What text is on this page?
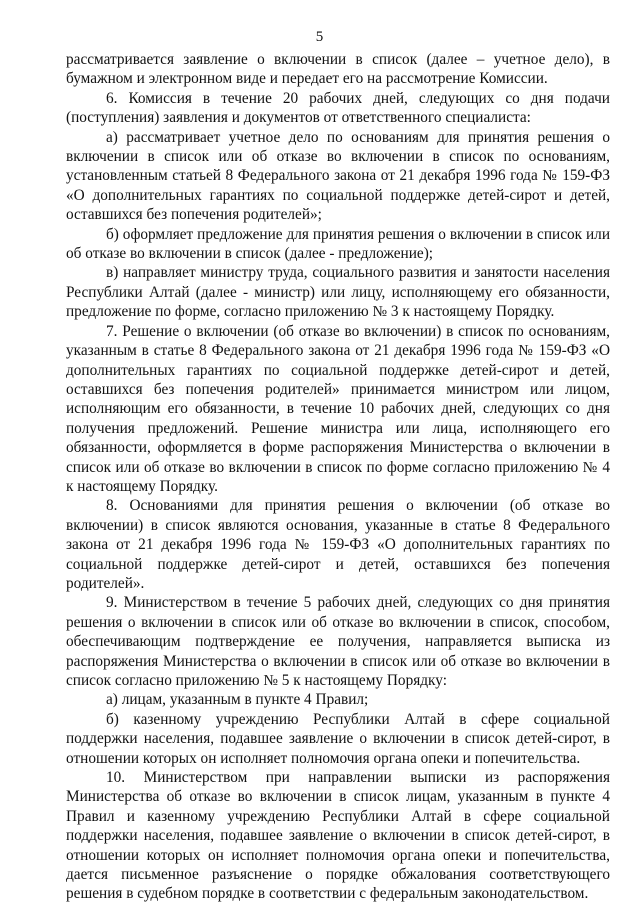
5

рассматривается заявление о включении в список (далее – учетное дело), в бумажном и электронном виде и передает его на рассмотрение Комиссии.

6. Комиссия в течение 20 рабочих дней, следующих со дня подачи (поступления) заявления и документов от ответственного специалиста:

а) рассматривает учетное дело по основаниям для принятия решения о включении в список или об отказе во включении в список по основаниям, установленным статьей 8 Федерального закона от 21 декабря 1996 года № 159-ФЗ «О дополнительных гарантиях по социальной поддержке детей-сирот и детей, оставшихся без попечения родителей»;

б) оформляет предложение для принятия решения о включении в список или об отказе во включении в список (далее - предложение);

в) направляет министру труда, социального развития и занятости населения Республики Алтай (далее - министр) или лицу, исполняющему его обязанности, предложение по форме, согласно приложению № 3 к настоящему Порядку.

7. Решение о включении (об отказе во включении) в список по основаниям, указанным в статье 8 Федерального закона от 21 декабря 1996 года № 159-ФЗ «О дополнительных гарантиях по социальной поддержке детей-сирот и детей, оставшихся без попечения родителей» принимается министром или лицом, исполняющим его обязанности, в течение 10 рабочих дней, следующих со дня получения предложений. Решение министра или лица, исполняющего его обязанности, оформляется в форме распоряжения Министерства о включении в список или об отказе во включении в список по форме согласно приложению № 4 к настоящему Порядку.

8. Основаниями для принятия решения о включении (об отказе во включении) в список являются основания, указанные в статье 8 Федерального закона от 21 декабря 1996 года № 159-ФЗ «О дополнительных гарантиях по социальной поддержке детей-сирот и детей, оставшихся без попечения родителей».

9. Министерством в течение 5 рабочих дней, следующих со дня принятия решения о включении в список или об отказе во включении в список, способом, обеспечивающим подтверждение ее получения, направляется выписка из распоряжения Министерства о включении в список или об отказе во включении в список согласно приложению № 5 к настоящему Порядку:

а) лицам, указанным в пункте 4 Правил;

б) казенному учреждению Республики Алтай в сфере социальной поддержки населения, подавшее заявление о включении в список детей-сирот, в отношении которых он исполняет полномочия органа опеки и попечительства.

10. Министерством при направлении выписки из распоряжения Министерства об отказе во включении в список лицам, указанным в пункте 4 Правил и казенному учреждению Республики Алтай в сфере социальной поддержки населения, подавшее заявление о включении в список детей-сирот, в отношении которых он исполняет полномочия органа опеки и попечительства, дается письменное разъяснение о порядке обжалования соответствующего решения в судебном порядке в соответствии с федеральным законодательством.
